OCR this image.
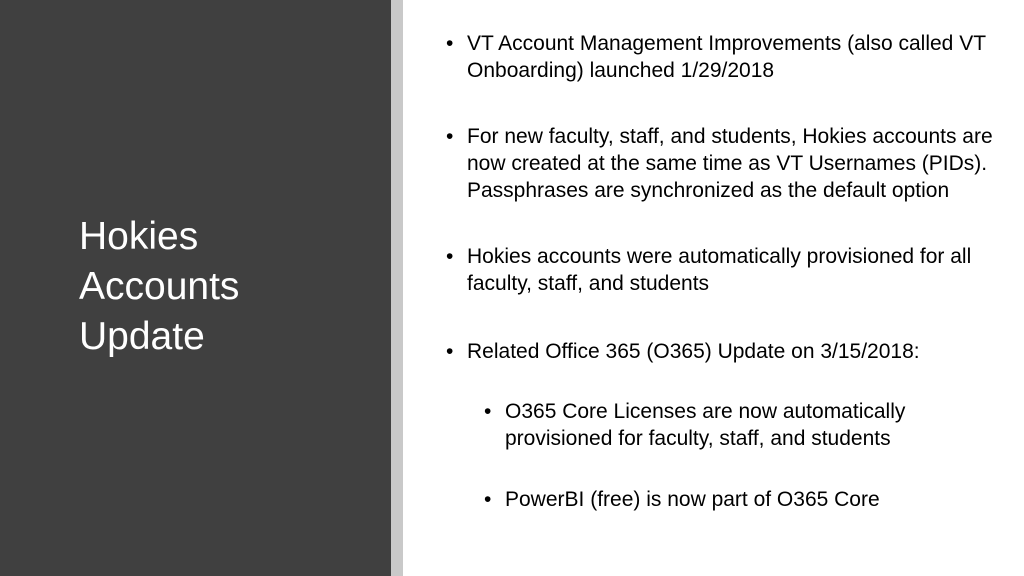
Hokies
Accounts
Update

• VT Account Management Improvements (also called VT Onboarding) launched 1/29/2018

• For new faculty, staff, and students, Hokies accounts are now created at the same time as VT Usernames (PIDs). Passphrases are synchronized as the default option

• Hokies accounts were automatically provisioned for all faculty, staff, and students

• Related Office 365 (O365) Update on 3/15/2018:

• O365 Core Licenses are now automatically provisioned for faculty, staff, and students

• PowerBI (free) is now part of O365 Core
